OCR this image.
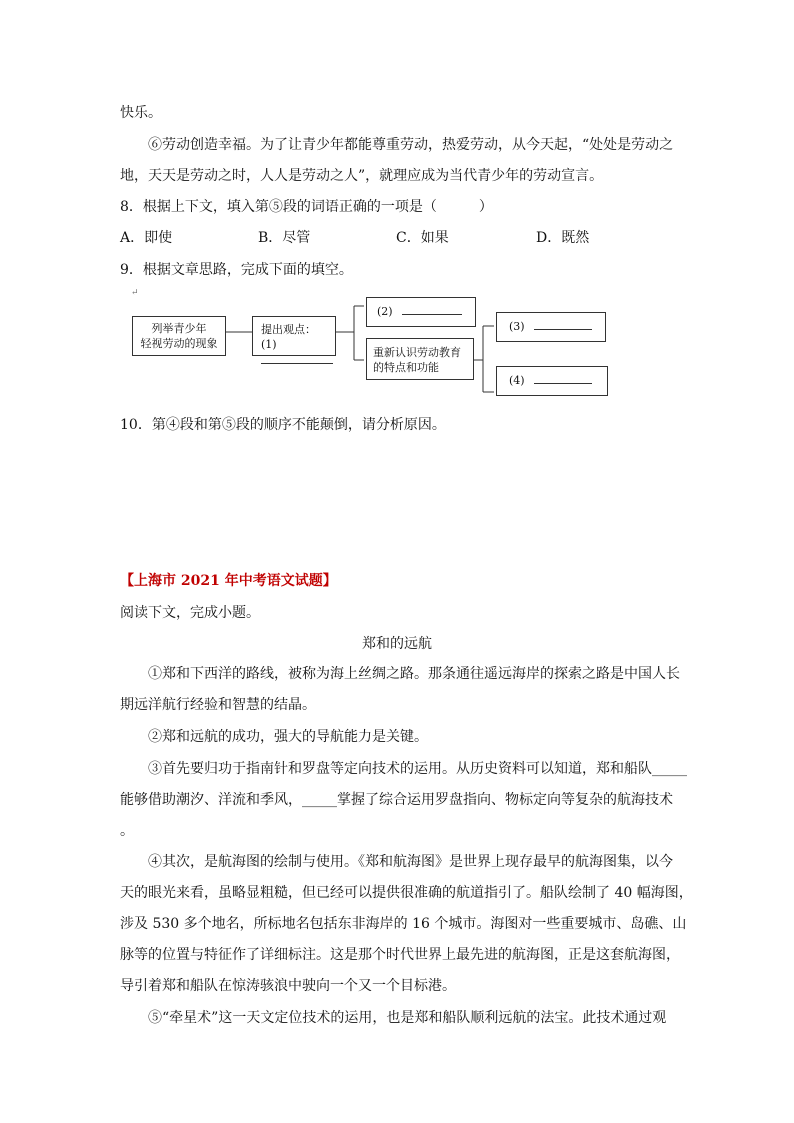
快乐。
⑥劳动创造幸福。为了让青少年都能尊重劳动，热爱劳动，从今天起，“处处是劳动之
地，天天是劳动之时，人人是劳动之人”，就理应成为当代青少年的劳动宣言。
8．根据上下文，填入第⑤段的词语正确的一项是（　　　）
A．即使	B．尽管	C．如果	D．既然
9．根据文章思路，完成下面的填空。
↵
列举青少年
轻视劳动的现象
提出观点：(1)
(2)
重新认识劳动教育
的特点和功能
(3)
(4)
10．第④段和第⑤段的顺序不能颠倒，请分析原因。
【上海市 2021 年中考语文试题】
阅读下文，完成小题。
郑和的远航
①郑和下西洋的路线，被称为海上丝绸之路。那条通往遥远海岸的探索之路是中国人长
期远洋航行经验和智慧的结晶。
②郑和远航的成功，强大的导航能力是关键。
③首先要归功于指南针和罗盘等定向技术的运用。从历史资料可以知道，郑和船队_____
能够借助潮汐、洋流和季风，_____掌握了综合运用罗盘指向、物标定向等复杂的航海技术
。
④其次，是航海图的绘制与使用。《郑和航海图》是世界上现存最早的航海图集，以今
天的眼光来看，虽略显粗糙，但已经可以提供很准确的航道指引了。船队绘制了 40 幅海图，
涉及 530 多个地名，所标地名包括东非海岸的 16 个城市。海图对一些重要城市、岛礁、山
脉等的位置与特征作了详细标注。这是那个时代世界上最先进的航海图，正是这套航海图，
导引着郑和船队在惊涛骇浪中驶向一个又一个目标港。
⑤“牵星术”这一天文定位技术的运用，也是郑和船队顺利远航的法宝。此技术通过观
